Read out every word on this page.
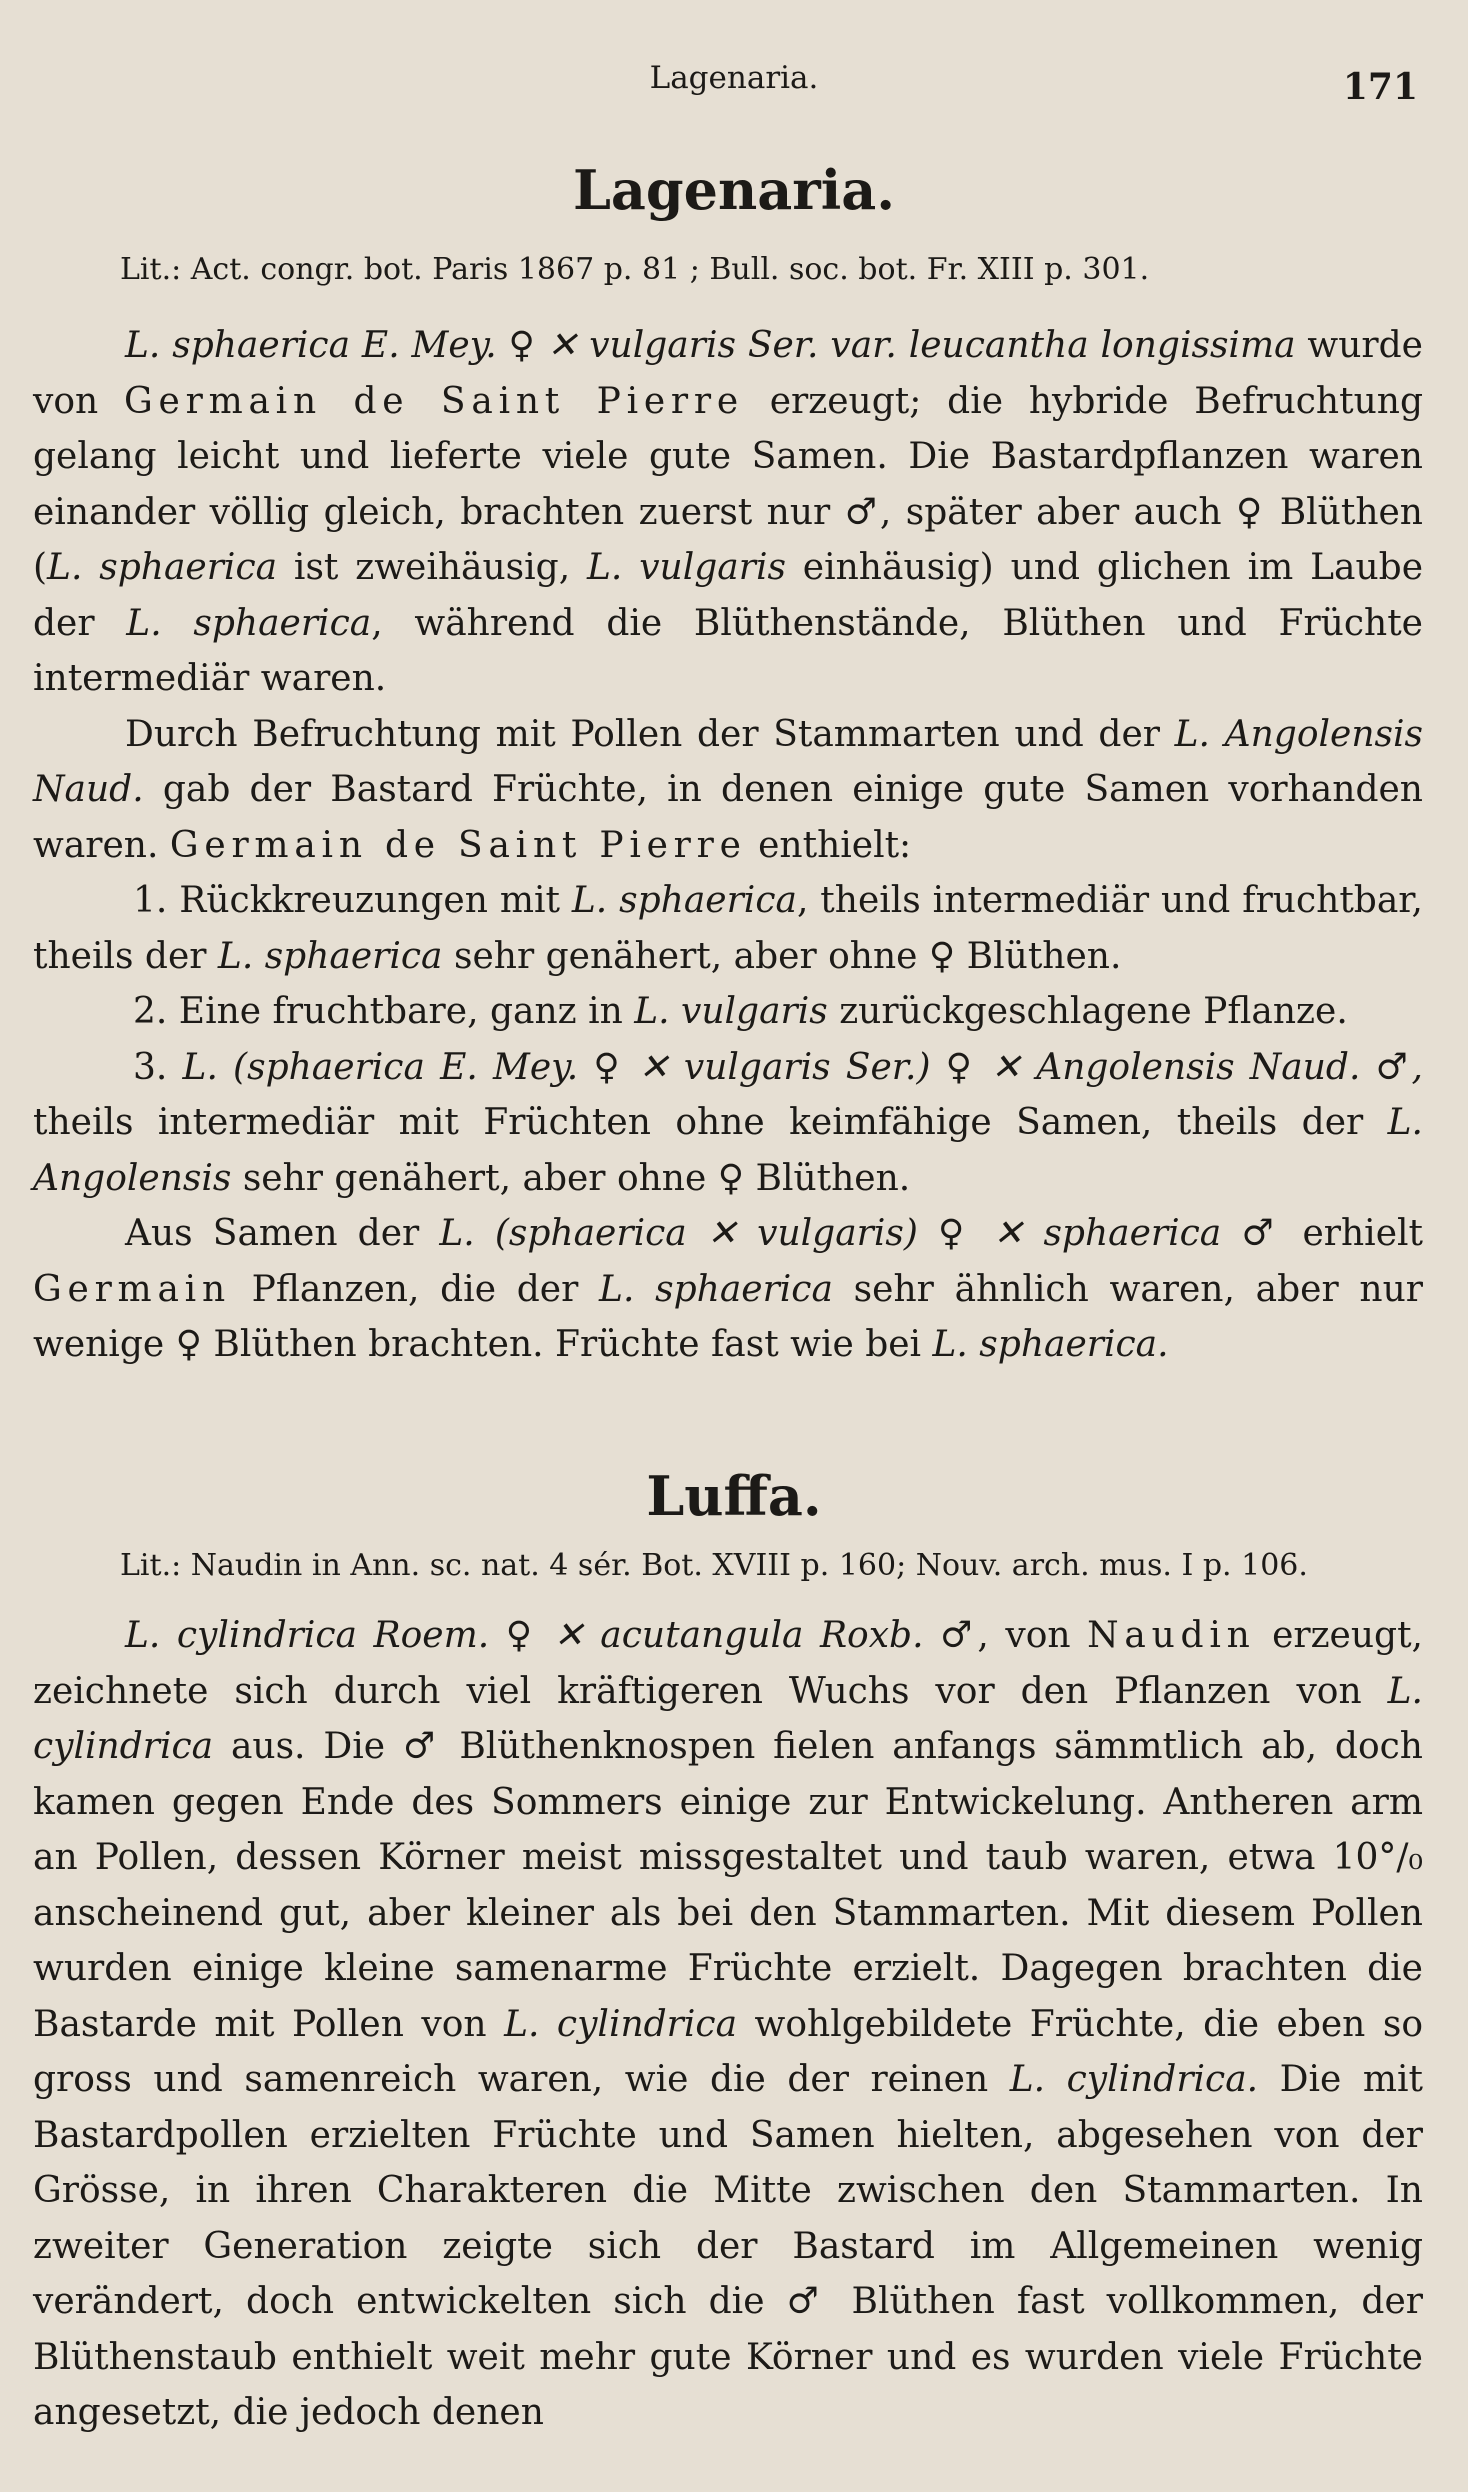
Lagenaria.	171
Lagenaria.
Lit.: Act. congr. bot. Paris 1867 p. 81 ; Bull. soc. bot. Fr. XIII p. 301.

L. sphaerica E. Mey. ♀ ✕ vulgaris Ser. var. leucantha longissima wurde von Germain de Saint Pierre erzeugt; die hybride Befruchtung gelang leicht und lieferte viele gute Samen. Die Bastardpflanzen waren einander völlig gleich, brachten zuerst nur ♂, später aber auch ♀ Blüthen (L. sphaerica ist zweihäusig, L. vulgaris einhäusig) und glichen im Laube der L. sphaerica, während die Blüthenstände, Blüthen und Früchte intermediär waren.

Durch Befruchtung mit Pollen der Stammarten und der L. Angolensis Naud. gab der Bastard Früchte, in denen einige gute Samen vorhanden waren. Germain de Saint Pierre enthielt:

1. Rückkreuzungen mit L. sphaerica, theils intermediär und fruchtbar, theils der L. sphaerica sehr genähert, aber ohne ♀ Blüthen.

2. Eine fruchtbare, ganz in L. vulgaris zurückgeschlagene Pflanze.

3. L. (sphaerica E. Mey. ♀ ✕ vulgaris Ser.) ♀ ✕ Angolensis Naud. ♂, theils intermediär mit Früchten ohne keimfähige Samen, theils der L. Angolensis sehr genähert, aber ohne ♀ Blüthen.

Aus Samen der L. (sphaerica ✕ vulgaris) ♀ ✕ sphaerica ♂ erhielt Germain Pflanzen, die der L. sphaerica sehr ähnlich waren, aber nur wenige ♀ Blüthen brachten. Früchte fast wie bei L. sphaerica.

Luffa.
Lit.: Naudin in Ann. sc. nat. 4 sér. Bot. XVIII p. 160; Nouv. arch. mus. I p. 106.

L. cylindrica Roem. ♀ ✕ acutangula Roxb. ♂, von Naudin erzeugt, zeichnete sich durch viel kräftigeren Wuchs vor den Pflanzen von L. cylindrica aus. Die ♂ Blüthenknospen fielen anfangs sämmtlich ab, doch kamen gegen Ende des Sommers einige zur Entwickelung. Antheren arm an Pollen, dessen Körner meist missgestaltet und taub waren, etwa 10°/₀ anscheinend gut, aber kleiner als bei den Stammarten. Mit diesem Pollen wurden einige kleine samenarme Früchte erzielt. Dagegen brachten die Bastarde mit Pollen von L. cylindrica wohlgebildete Früchte, die eben so gross und samenreich waren, wie die der reinen L. cylindrica. Die mit Bastardpollen erzielten Früchte und Samen hielten, abgesehen von der Grösse, in ihren Charakteren die Mitte zwischen den Stammarten. In zweiter Generation zeigte sich der Bastard im Allgemeinen wenig verändert, doch entwickelten sich die ♂ Blüthen fast vollkommen, der Blüthenstaub enthielt weit mehr gute Körner und es wurden viele Früchte angesetzt, die jedoch denen
